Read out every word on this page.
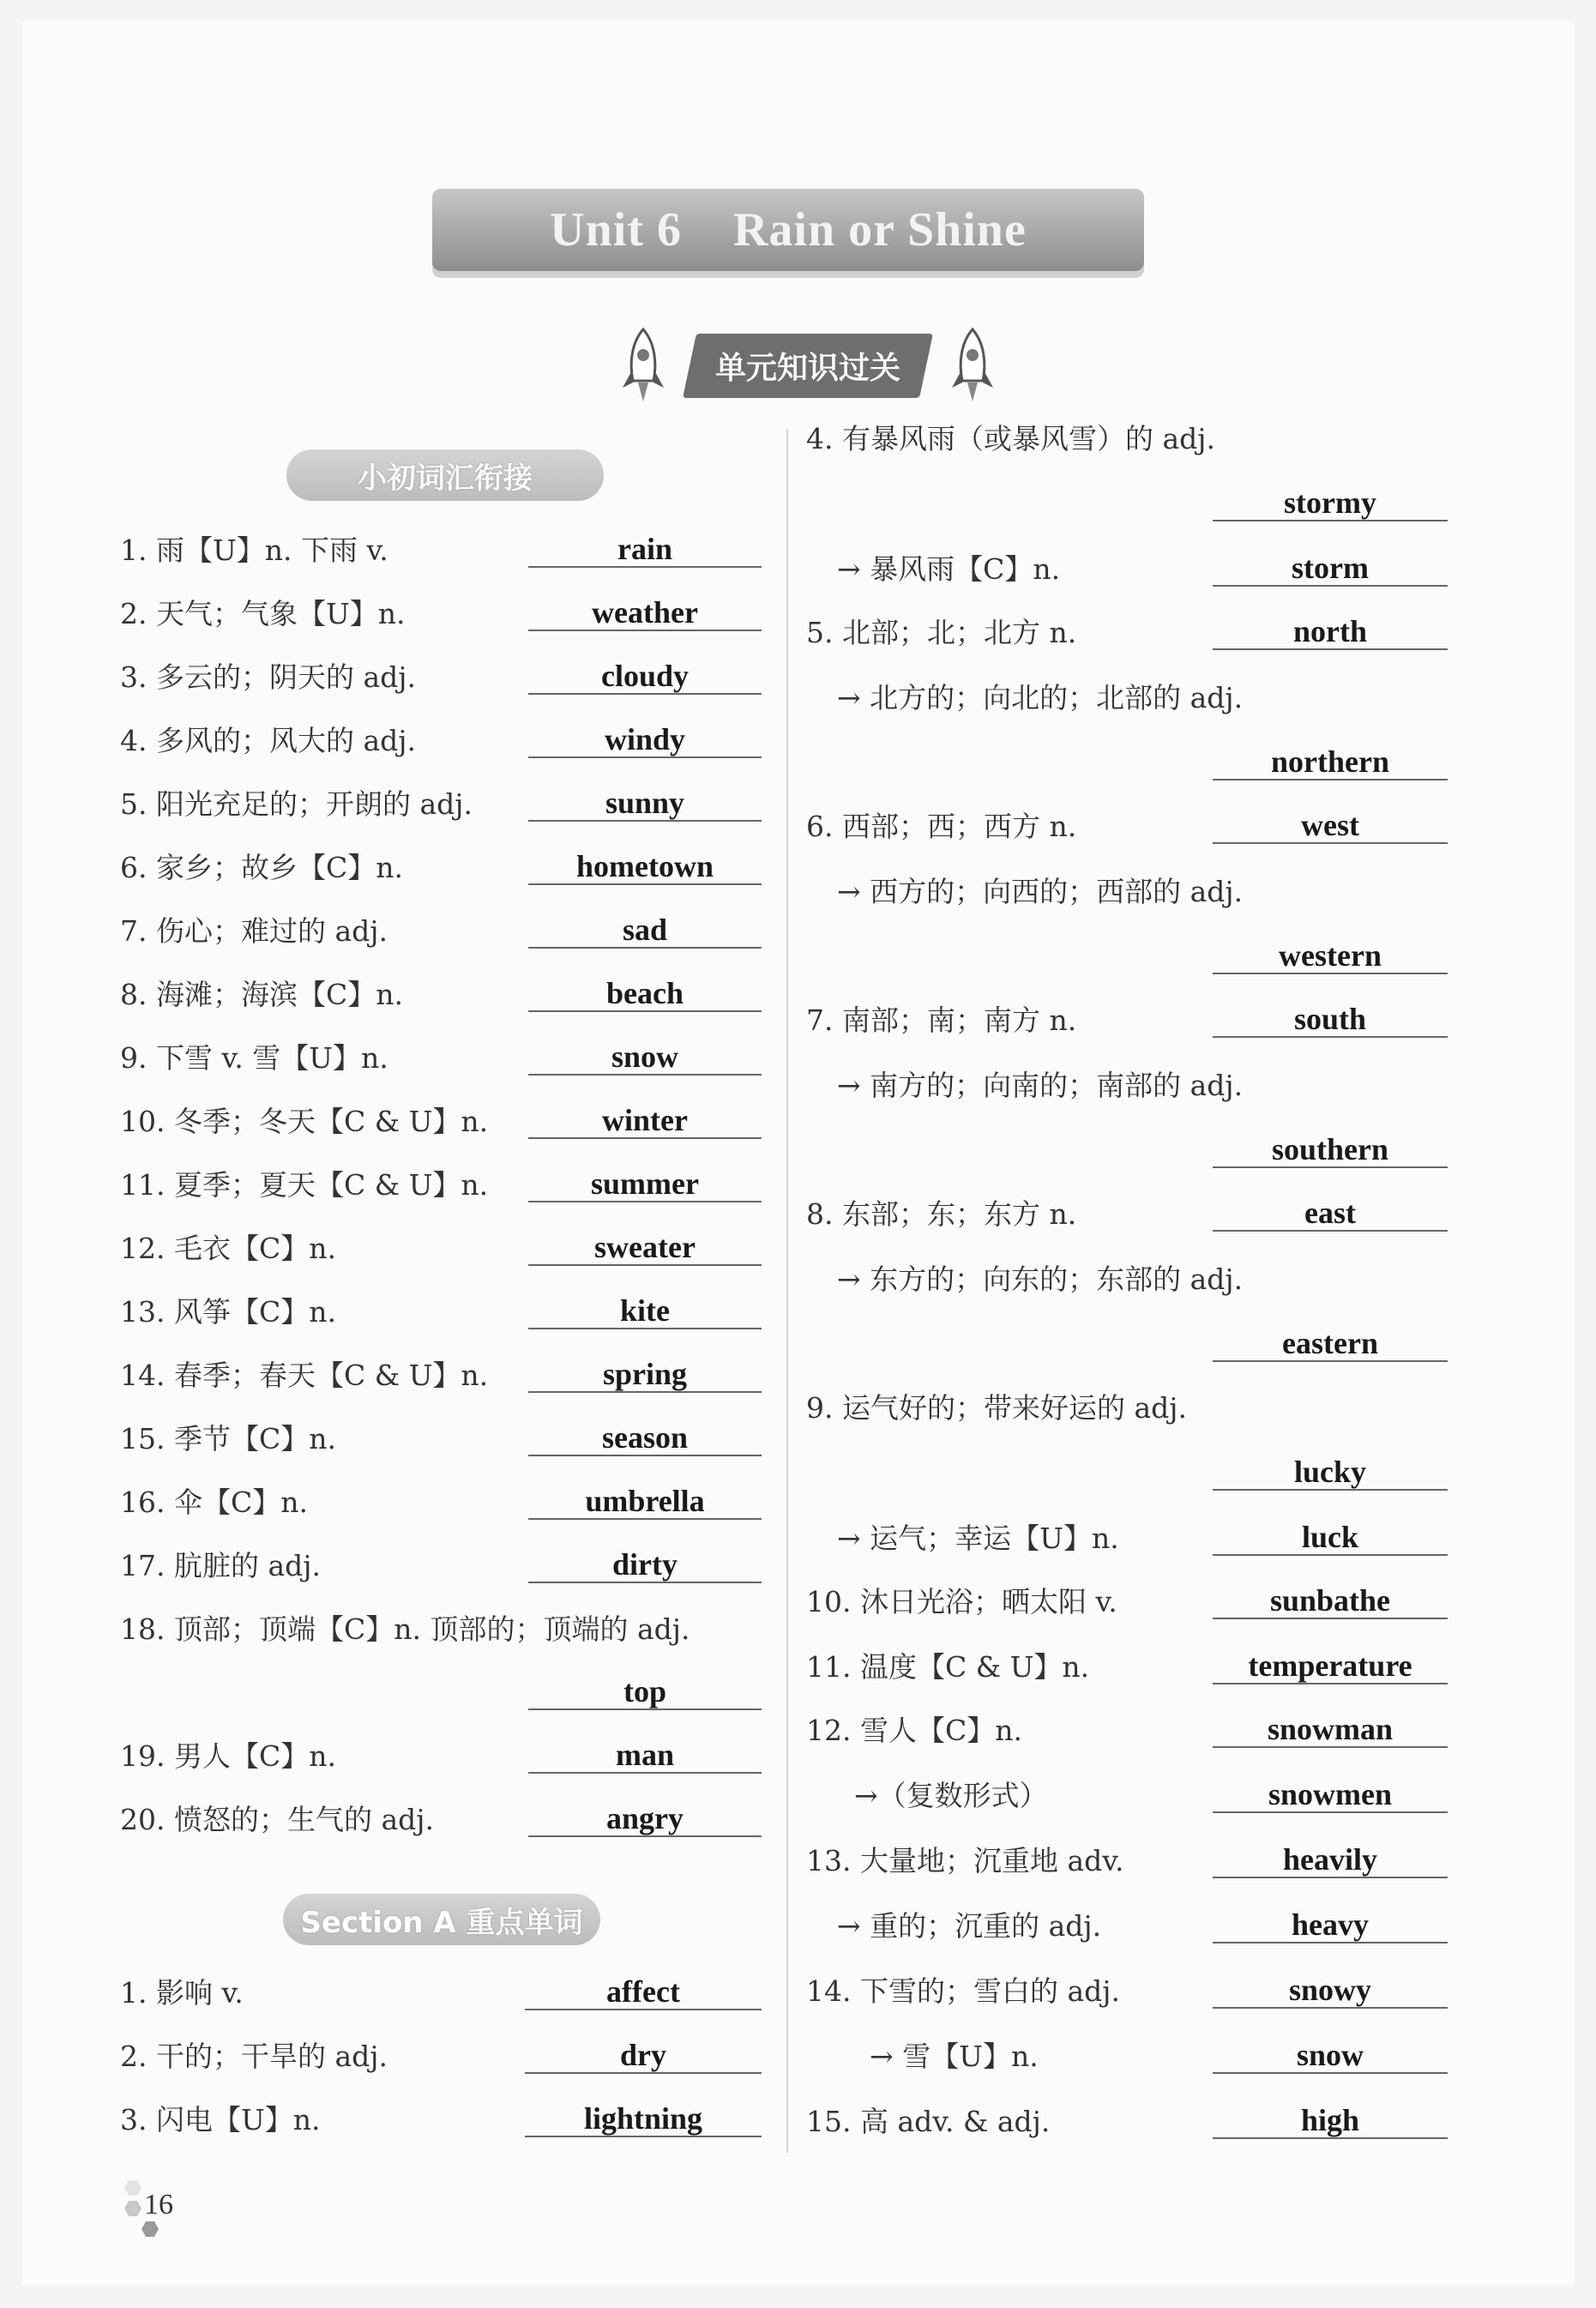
Unit 6    Rain or Shine
单元知识过关
小初词汇衔接
Section A 重点单词
1. 雨【U】n. 下雨 v.	rain
2. 天气；气象【U】n.	weather
3. 多云的；阴天的 adj.	cloudy
4. 多风的；风大的 adj.	windy
5. 阳光充足的；开朗的 adj.	sunny
6. 家乡；故乡【C】n.	hometown
7. 伤心；难过的 adj.	sad
8. 海滩；海滨【C】n.	beach
9. 下雪 v. 雪【U】n.	snow
10. 冬季；冬天【C & U】n.	winter
11. 夏季；夏天【C & U】n.	summer
12. 毛衣【C】n.	sweater
13. 风筝【C】n.	kite
14. 春季；春天【C & U】n.	spring
15. 季节【C】n.	season
16. 伞【C】n.	umbrella
17. 肮脏的 adj.	dirty
18. 顶部；顶端【C】n. 顶部的；顶端的 adj.
top
19. 男人【C】n.	man
20. 愤怒的；生气的 adj.	angry
1. 影响 v.	affect
2. 干的；干旱的 adj.	dry
3. 闪电【U】n.	lightning
4. 有暴风雨（或暴风雪）的 adj.
stormy
→ 暴风雨【C】n.	storm
5. 北部；北；北方 n.	north
→ 北方的；向北的；北部的 adj.
northern
6. 西部；西；西方 n.	west
→ 西方的；向西的；西部的 adj.
western
7. 南部；南；南方 n.	south
→ 南方的；向南的；南部的 adj.
southern
8. 东部；东；东方 n.	east
→ 东方的；向东的；东部的 adj.
eastern
9. 运气好的；带来好运的 adj.
lucky
→ 运气；幸运【U】n.	luck
10. 沐日光浴；晒太阳 v.	sunbathe
11. 温度【C & U】n.	temperature
12. 雪人【C】n.	snowman
→（复数形式）	snowmen
13. 大量地；沉重地 adv.	heavily
→ 重的；沉重的 adj.	heavy
14. 下雪的；雪白的 adj.	snowy
→ 雪【U】n.	snow
15. 高 adv. & adj.	high
16
